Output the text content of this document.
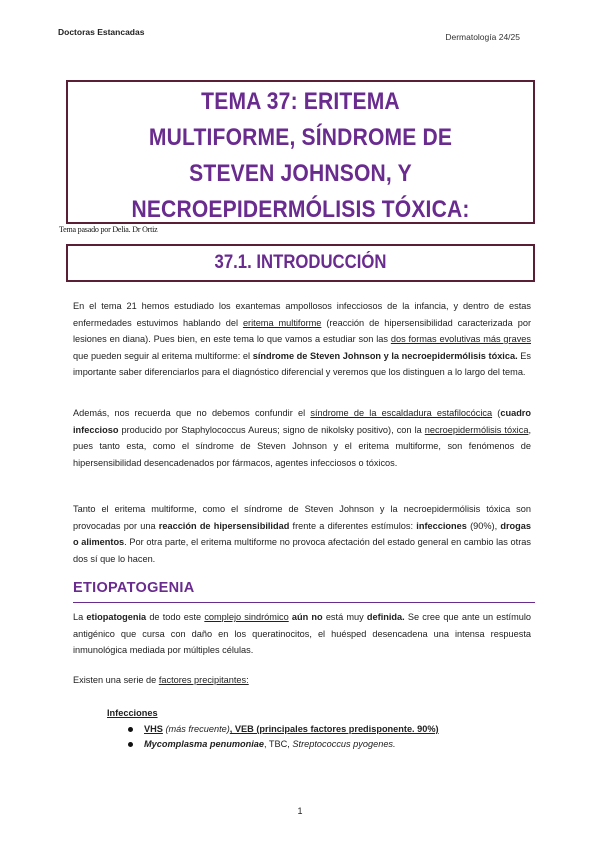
Doctoras Estancadas	Dermatología 24/25
TEMA 37: ERITEMA
MULTIFORME, SÍNDROME DE
STEVEN JOHNSON, Y
NECROEPIDERMÓLISIS TÓXICA:
Tema pasado por Delia. Dr Ortiz
37.1. INTRODUCCIÓN

En el tema 21 hemos estudiado los exantemas ampollosos infecciosos de la infancia, y dentro de estas enfermedades estuvimos hablando del eritema multiforme (reacción de hipersensibilidad caracterizada por lesiones en diana). Pues bien, en este tema lo que vamos a estudiar son las dos formas evolutivas más graves que pueden seguir al eritema multiforme: el síndrome de Steven Johnson y la necroepidermólisis tóxica. Es importante saber diferenciarlos para el diagnóstico diferencial y veremos que los distinguen a lo largo del tema.

Además, nos recuerda que no debemos confundir el síndrome de la escaldadura estafilocócica (cuadro infeccioso producido por Staphylococcus Aureus; signo de nikolsky positivo), con la necroepidermólisis tóxica, pues tanto esta, como el síndrome de Steven Johnson y el eritema multiforme, son fenómenos de hipersensibilidad desencadenados por fármacos, agentes infecciosos o tóxicos.

Tanto el eritema multiforme, como el síndrome de Steven Johnson y la necroepidermólisis tóxica son provocadas por una reacción de hipersensibilidad frente a diferentes estímulos: infecciones (90%), drogas o alimentos. Por otra parte, el eritema multiforme no provoca afectación del estado general en cambio las otras dos sí que lo hacen.

ETIOPATOGENIA

La etiopatogenia de todo este complejo sindrómico aún no está muy definida. Se cree que ante un estímulo antigénico que cursa con daño en los queratinocitos, el huésped desencadena una intensa respuesta inmunológica mediada por múltiples células.

Existen una serie de factores precipitantes:

Infecciones

VHS (más frecuente), VEB (principales factores predisponente. 90%)
Mycomplasma penumoniae, TBC, Streptococcus pyogenes.
1
